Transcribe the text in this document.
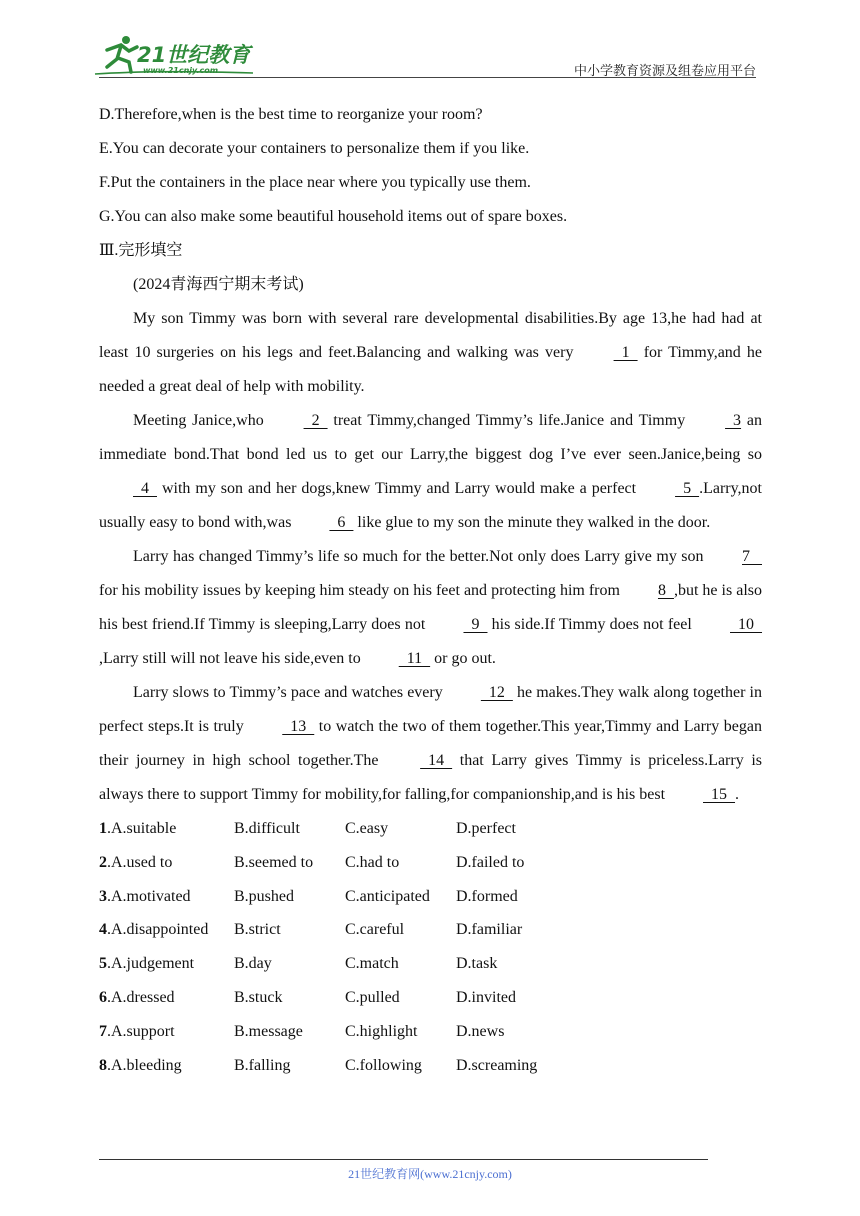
21世纪教育
www.21cnjy.com	中小学教育资源及组卷应用平台
D.Therefore,when is the best time to reorganize your room?
E.You can decorate your containers to personalize them if you like.
F.Put the containers in the place near where you typically use them.
G.You can also make some beautiful household items out of spare boxes.
Ⅲ.完形填空
(2024青海西宁期末考试)

My son Timmy was born with several rare developmental disabilities.By age 13,he had had at least 10 surgeries on his legs and feet.Balancing and walking was very   1   for Timmy,and he needed a great deal of help with mobility.

Meeting Janice,who   2   treat Timmy,changed Timmy’s life.Janice and Timmy   3 an immediate bond.That bond led us to get our Larry,the biggest dog I’ve ever seen.Janice,being so   4   with my son and her dogs,knew Timmy and Larry would make a perfect   5  .Larry,not usually easy to bond with,was   6   like glue to my son the minute they walked in the door.

Larry has changed Timmy’s life so much for the better.Not only does Larry give my son 7    for his mobility issues by keeping him steady on his feet and protecting him from 8  ,but he is also his best friend.If Timmy is sleeping,Larry does not   9   his side.If Timmy does not feel   10  ,Larry still will not leave his side,even to   11   or go out.

Larry slows to Timmy’s pace and watches every   12   he makes.They walk along together in perfect steps.It is truly   13   to watch the two of them together.This year,Timmy and Larry began their journey in high school together.The   14   that Larry gives Timmy is priceless.Larry is always there to support Timmy for mobility,for falling,for companionship,and is his best   15  .

1.A.suitable	B.difficult	C.easy	D.perfect
2.A.used to	B.seemed to	C.had to	D.failed to
3.A.motivated	B.pushed	C.anticipated	D.formed
4.A.disappointed	B.strict	C.careful	D.familiar
5.A.judgement	B.day	C.match	D.task
6.A.dressed	B.stuck	C.pulled	D.invited
7.A.support	B.message	C.highlight	D.news
8.A.bleeding	B.falling	C.following	D.screaming
21世纪教育网(www.21cnjy.com)
